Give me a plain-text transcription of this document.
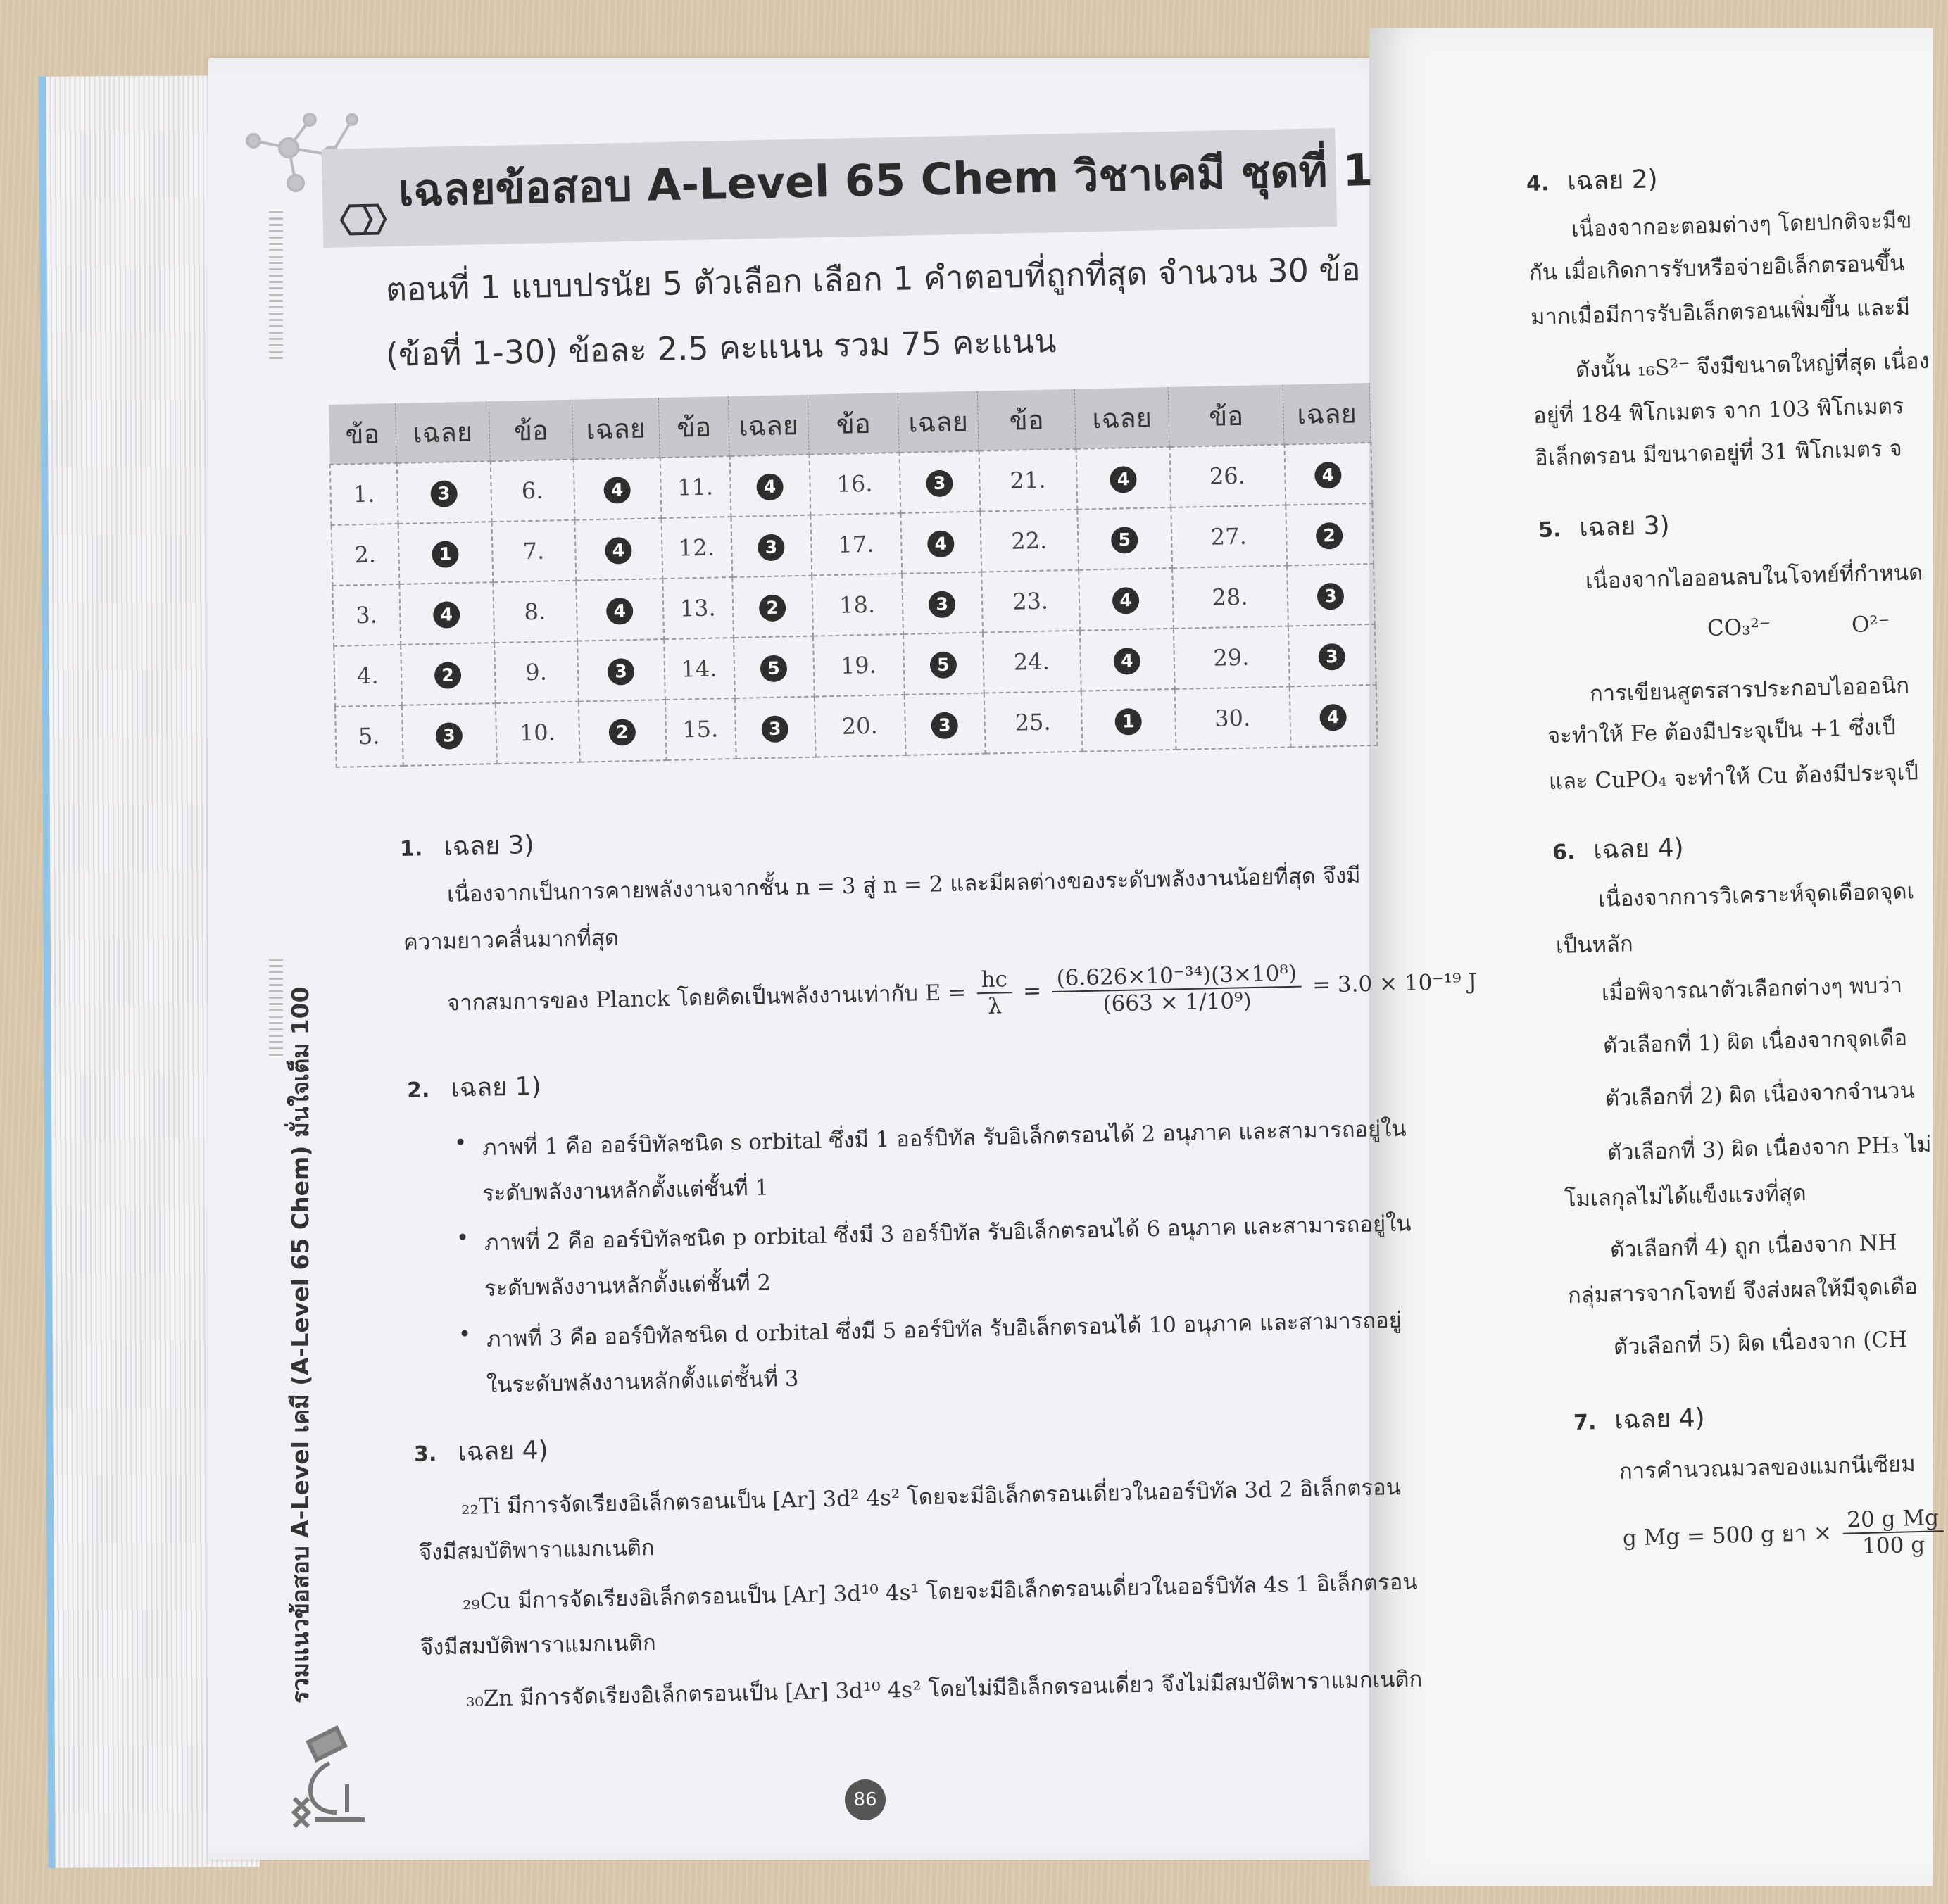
รวมแนวข้อสอบ A-Level เคมี (A-Level 65 Chem) มั่นใจเต็ม 100
เฉลยข้อสอบ A-Level 65 Chem วิชาเคมี ชุดที่ 1
ตอนที่ 1 แบบปรนัย 5 ตัวเลือก เลือก 1 คำตอบที่ถูกที่สุด จำนวน 30 ข้อ
(ข้อที่ 1-30) ข้อละ 2.5 คะแนน รวม 75 คะแนน
ข้อ	เฉลย	ข้อ	เฉลย	ข้อ	เฉลย	ข้อ	เฉลย	ข้อ	เฉลย	ข้อ	เฉลย
1.	3	6.	4	11.	4	16.	3	21.	4	26.	4
2.	1	7.	4	12.	3	17.	4	22.	5	27.	2
3.	4	8.	4	13.	2	18.	3	23.	4	28.	3
4.	2	9.	3	14.	5	19.	5	24.	4	29.	3
5.	3	10.	2	15.	3	20.	3	25.	1	30.	4
1. เฉลย 3)
เนื่องจากเป็นการคายพลังงานจากชั้น n = 3 สู่ n = 2 และมีผลต่างของระดับพลังงานน้อยที่สุด จึงมี
ความยาวคลื่นมากที่สุด
จากสมการของ Planck โดยคิดเป็นพลังงานเท่ากับ $E = \frac{hc}{\lambda} = \frac{\text{(6.626×10⁻³⁴)(3×10⁸)}}{\text{(663 × 1/10⁹)}} = 3.0 \times 10^{-19}$ J
2. เฉลย 1)
• ภาพที่ 1 คือ ออร์บิทัลชนิด s orbital ซึ่งมี 1 ออร์บิทัล รับอิเล็กตรอนได้ 2 อนุภาค และสามารถอยู่ใน
ระดับพลังงานหลักตั้งแต่ชั้นที่ 1
• ภาพที่ 2 คือ ออร์บิทัลชนิด p orbital ซึ่งมี 3 ออร์บิทัล รับอิเล็กตรอนได้ 6 อนุภาค และสามารถอยู่ใน
ระดับพลังงานหลักตั้งแต่ชั้นที่ 2
• ภาพที่ 3 คือ ออร์บิทัลชนิด d orbital ซึ่งมี 5 ออร์บิทัล รับอิเล็กตรอนได้ 10 อนุภาค และสามารถอยู่
ในระดับพลังงานหลักตั้งแต่ชั้นที่ 3
3. เฉลย 4)
₂₂Ti มีการจัดเรียงอิเล็กตรอนเป็น [Ar] 3d² 4s² โดยจะมีอิเล็กตรอนเดี่ยวในออร์บิทัล 3d 2 อิเล็กตรอน
จึงมีสมบัติพาราแมกเนติก
₂₉Cu มีการจัดเรียงอิเล็กตรอนเป็น [Ar] 3d¹⁰ 4s¹ โดยจะมีอิเล็กตรอนเดี่ยวในออร์บิทัล 4s 1 อิเล็กตรอน
จึงมีสมบัติพาราแมกเนติก
₃₀Zn มีการจัดเรียงอิเล็กตรอนเป็น [Ar] 3d¹⁰ 4s² โดยไม่มีอิเล็กตรอนเดี่ยว จึงไม่มีสมบัติพาราแมกเนติก
86
4. เฉลย 2)
เนื่องจากอะตอมต่างๆ โดยปกติจะมีข
กัน เมื่อเกิดการรับหรือจ่ายอิเล็กตรอนขึ้น
มากเมื่อมีการรับอิเล็กตรอนเพิ่มขึ้น และมี
ดังนั้น ₁₆S²⁻ จึงมีขนาดใหญ่ที่สุด เนื่อง
อยู่ที่ 184 พิโกเมตร จาก 103 พิโกเมตร
อิเล็กตรอน มีขนาดอยู่ที่ 31 พิโกเมตร จ
5. เฉลย 3)
เนื่องจากไอออนลบในโจทย์ที่กำหนด
CO₃²⁻	O²⁻
การเขียนสูตรสารประกอบไอออนิก
จะทำให้ Fe ต้องมีประจุเป็น +1 ซึ่งเป็
และ CuPO₄ จะทำให้ Cu ต้องมีประจุเป็
6. เฉลย 4)
เนื่องจากการวิเคราะห์จุดเดือดจุดเ
เป็นหลัก
เมื่อพิจารณาตัวเลือกต่างๆ พบว่า
ตัวเลือกที่ 1) ผิด เนื่องจากจุดเดือ
ตัวเลือกที่ 2) ผิด เนื่องจากจำนวน
ตัวเลือกที่ 3) ผิด เนื่องจาก PH₃ ไม่
โมเลกุลไม่ได้แข็งแรงที่สุด
ตัวเลือกที่ 4) ถูก เนื่องจาก NH
กลุ่มสารจากโจทย์ จึงส่งผลให้มีจุดเดือ
ตัวเลือกที่ 5) ผิด เนื่องจาก (CH
7. เฉลย 4)
การคำนวณมวลของแมกนีเซียม
g Mg = 500 g ยา × $\frac{\text{20 g Mg}}{100 g}$
